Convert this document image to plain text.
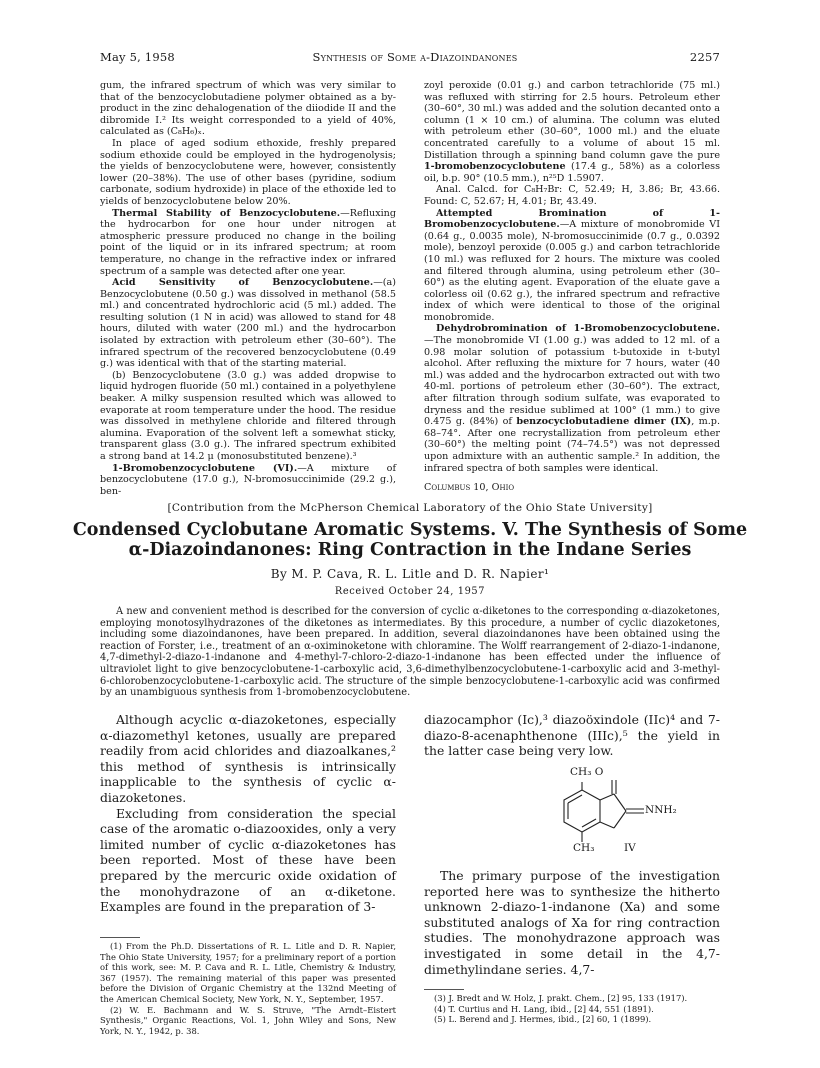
May 5, 1958	Synthesis of Some α-Diazoindanones	2257

gum, the infrared spectrum of which was very similar to that of the benzocyclobutadiene polymer obtained as a by-product in the zinc dehalogenation of the diiodide II and the dibromide I.² Its weight corresponded to a yield of 40%, calculated as (C₈H₆)ₓ.

In place of aged sodium ethoxide, freshly prepared sodium ethoxide could be employed in the hydrogenolysis; the yields of benzocyclobutene were, however, consistently lower (20–38%). The use of other bases (pyridine, sodium carbonate, sodium hydroxide) in place of the ethoxide led to yields of benzocyclobutene below 20%.

Thermal Stability of Benzocyclobutene.—Refluxing the hydrocarbon for one hour under nitrogen at atmospheric pressure produced no change in the boiling point of the liquid or in its infrared spectrum; at room temperature, no change in the refractive index or infrared spectrum of a sample was detected after one year.

Acid Sensitivity of Benzocyclobutene.—(a) Benzocyclobutene (0.50 g.) was dissolved in methanol (58.5 ml.) and concentrated hydrochloric acid (5 ml.) added. The resulting solution (1 N in acid) was allowed to stand for 48 hours, diluted with water (200 ml.) and the hydrocarbon isolated by extraction with petroleum ether (30–60°). The infrared spectrum of the recovered benzocyclobutene (0.49 g.) was identical with that of the starting material.

(b) Benzocyclobutene (3.0 g.) was added dropwise to liquid hydrogen fluoride (50 ml.) contained in a polyethylene beaker. A milky suspension resulted which was allowed to evaporate at room temperature under the hood. The residue was dissolved in methylene chloride and filtered through alumina. Evaporation of the solvent left a somewhat sticky, transparent glass (3.0 g.). The infrared spectrum exhibited a strong band at 14.2 μ (monosubstituted benzene).³

1-Bromobenzocyclobutene (VI).—A mixture of benzocyclobutene (17.0 g.), N-bromosuccinimide (29.2 g.), ben-

zoyl peroxide (0.01 g.) and carbon tetrachloride (75 ml.) was refluxed with stirring for 2.5 hours. Petroleum ether (30–60°, 30 ml.) was added and the solution decanted onto a column (1 × 10 cm.) of alumina. The column was eluted with petroleum ether (30–60°, 1000 ml.) and the eluate concentrated carefully to a volume of about 15 ml. Distillation through a spinning band column gave the pure 1-bromobenzocyclobutene (17.4 g., 58%) as a colorless oil, b.p. 90° (10.5 mm.), n²⁵D 1.5907.

Anal. Calcd. for C₈H₇Br: C, 52.49; H, 3.86; Br, 43.66. Found: C, 52.67; H, 4.01; Br, 43.49.

Attempted Bromination of 1-Bromobenzocyclobutene.—A mixture of monobromide VI (0.64 g., 0.0035 mole), N-bromosuccinimide (0.7 g., 0.0392 mole), benzoyl peroxide (0.005 g.) and carbon tetrachloride (10 ml.) was refluxed for 2 hours. The mixture was cooled and filtered through alumina, using petroleum ether (30–60°) as the eluting agent. Evaporation of the eluate gave a colorless oil (0.62 g.), the infrared spectrum and refractive index of which were identical to those of the original monobromide.

Dehydrobromination of 1-Bromobenzocyclobutene.—The monobromide VI (1.00 g.) was added to 12 ml. of a 0.98 molar solution of potassium t-butoxide in t-butyl alcohol. After refluxing the mixture for 7 hours, water (40 ml.) was added and the hydrocarbon extracted out with two 40-ml. portions of petroleum ether (30–60°). The extract, after filtration through sodium sulfate, was evaporated to dryness and the residue sublimed at 100° (1 mm.) to give 0.475 g. (84%) of benzocyclobutadiene dimer (IX), m.p. 68–74°. After one recrystallization from petroleum ether (30–60°) the melting point (74–74.5°) was not depressed upon admixture with an authentic sample.² In addition, the infrared spectra of both samples were identical.

Columbus 10, Ohio

[Contribution from the McPherson Chemical Laboratory of the Ohio State University]
Condensed Cyclobutane Aromatic Systems. V. The Synthesis of Some α-Diazoindanones: Ring Contraction in the Indane Series
By M. P. Cava, R. L. Litle and D. R. Napier¹
Received October 24, 1957

A new and convenient method is described for the conversion of cyclic α-diketones to the corresponding α-diazoketones, employing monotosylhydrazones of the diketones as intermediates. By this procedure, a number of cyclic diazoketones, including some diazoindanones, have been prepared. In addition, several diazoindanones have been obtained using the reaction of Forster, i.e., treatment of an α-oximinoketone with chloramine. The Wolff rearrangement of 2-diazo-1-indanone, 4,7-dimethyl-2-diazo-1-indanone and 4-methyl-7-chloro-2-diazo-1-indanone has been effected under the influence of ultraviolet light to give benzocyclobutene-1-carboxylic acid, 3,6-dimethylbenzocyclobutene-1-carboxylic acid and 3-methyl-6-chlorobenzocyclobutene-1-carboxylic acid. The structure of the simple benzocyclobutene-1-carboxylic acid was confirmed by an unambiguous synthesis from 1-bromobenzocyclobutene.

Although acyclic α-diazoketones, especially α-diazomethyl ketones, usually are prepared readily from acid chlorides and diazoalkanes,² this method of synthesis is intrinsically inapplicable to the synthesis of cyclic α-diazoketones.

Excluding from consideration the special case of the aromatic o-diazooxides, only a very limited number of cyclic α-diazoketones has been reported. Most of these have been prepared by the mercuric oxide oxidation of the monohydrazone of an α-diketone. Examples are found in the preparation of 3-

(1) From the Ph.D. Dissertations of R. L. Litle and D. R. Napier, The Ohio State University, 1957; for a preliminary report of a portion of this work, see: M. P. Cava and R. L. Litle, Chemistry & Industry, 367 (1957). The remaining material of this paper was presented before the Division of Organic Chemistry at the 132nd Meeting of the American Chemical Society, New York, N. Y., September, 1957.

(2) W. E. Bachmann and W. S. Struve, "The Arndt–Eistert Synthesis," Organic Reactions, Vol. 1, John Wiley and Sons, New York, N. Y., 1942, p. 38.

diazocamphor (Ic),³ diazoöxindole (IIc)⁴ and 7-diazo-8-acenaphthenone (IIIc),⁵ the yield in the latter case being very low.

CH₃ O
NNH₂
CH₃	IV

The primary purpose of the investigation reported here was to synthesize the hitherto unknown 2-diazo-1-indanone (Xa) and some substituted analogs of Xa for ring contraction studies. The monohydrazone approach was investigated in some detail in the 4,7-dimethylindane series. 4,7-

(3) J. Bredt and W. Holz, J. prakt. Chem., [2] 95, 133 (1917).

(4) T. Curtius and H. Lang, ibid., [2] 44, 551 (1891).

(5) L. Berend and J. Hermes, ibid., [2] 60, 1 (1899).
